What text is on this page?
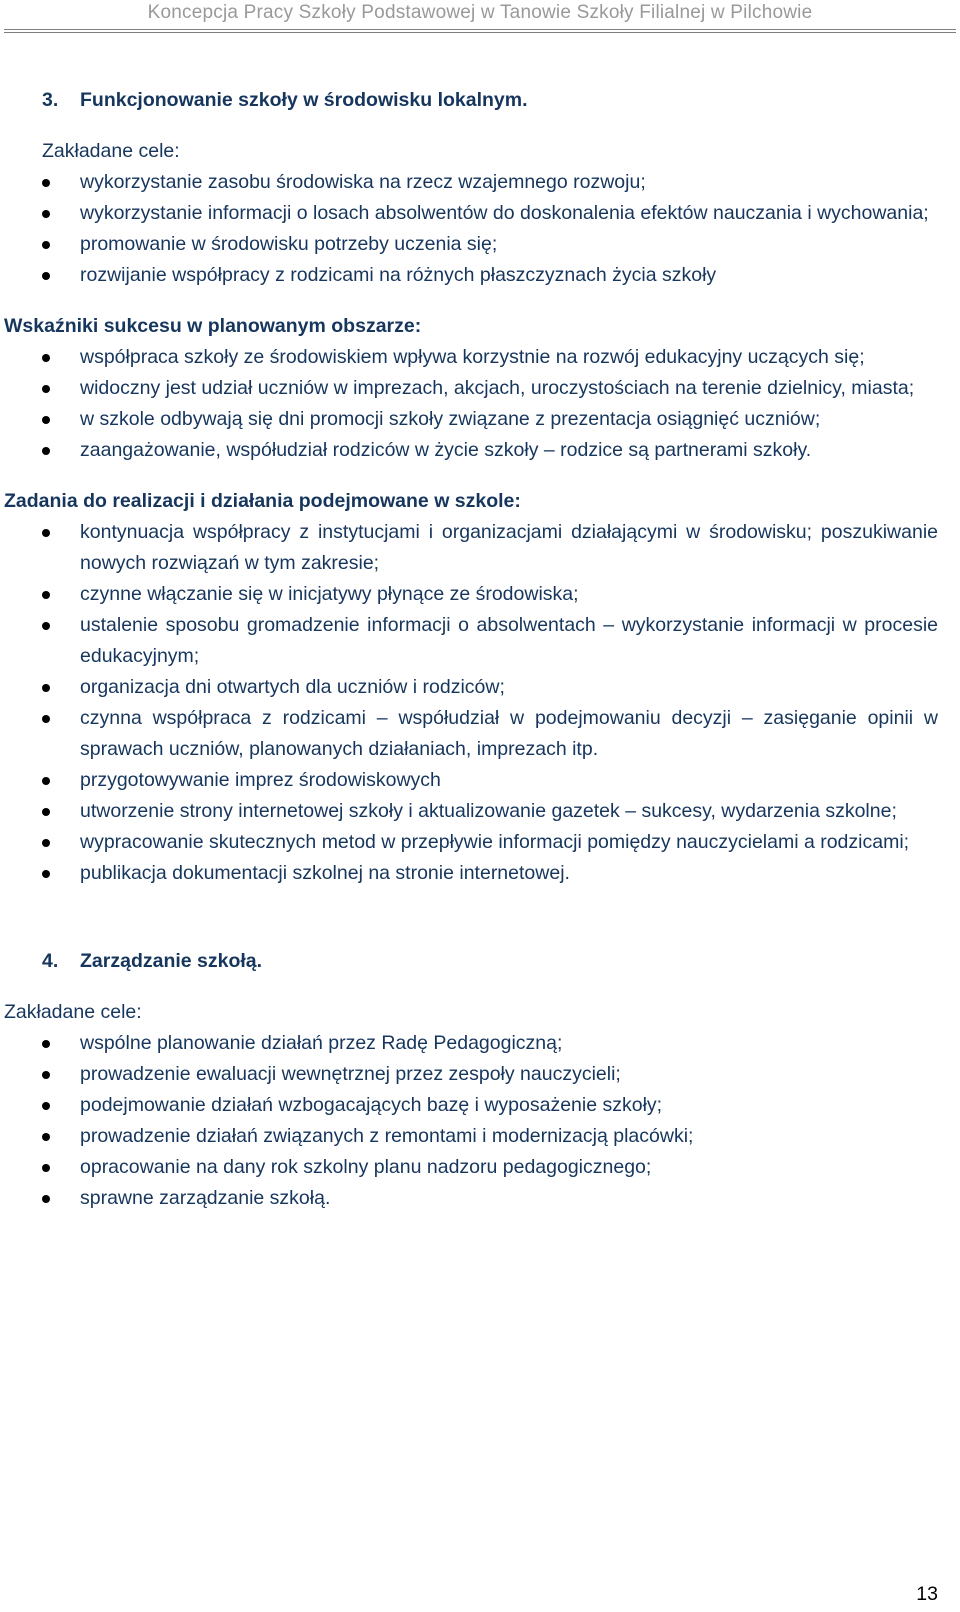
Koncepcja Pracy Szkoły Podstawowej w Tanowie Szkoły Filialnej w Pilchowie
3. Funkcjonowanie szkoły w środowisku lokalnym.

Zakładane cele:

wykorzystanie zasobu środowiska na rzecz wzajemnego rozwoju;
wykorzystanie informacji o losach absolwentów do doskonalenia efektów nauczania i wychowania;
promowanie w środowisku potrzeby uczenia się;
rozwijanie współpracy z rodzicami na różnych płaszczyznach życia szkoły

Wskaźniki sukcesu w planowanym obszarze:

współpraca szkoły ze środowiskiem wpływa korzystnie na rozwój edukacyjny uczących się;
widoczny jest udział uczniów w imprezach, akcjach, uroczystościach na terenie dzielnicy, miasta;
w szkole odbywają się dni promocji szkoły związane z prezentacja osiągnięć uczniów;
zaangażowanie, współudział rodziców w życie szkoły – rodzice są partnerami szkoły.

Zadania do realizacji i działania podejmowane w szkole:

kontynuacja współpracy z instytucjami i organizacjami działającymi w środowisku; poszukiwanie nowych rozwiązań w tym zakresie;
czynne włączanie się w inicjatywy płynące ze środowiska;
ustalenie sposobu gromadzenie informacji o absolwentach – wykorzystanie informacji w procesie edukacyjnym;
organizacja dni otwartych dla uczniów i rodziców;
czynna współpraca z rodzicami – współudział w podejmowaniu decyzji – zasięganie opinii w sprawach uczniów, planowanych działaniach, imprezach itp.
przygotowywanie imprez środowiskowych
utworzenie strony internetowej szkoły i aktualizowanie gazetek – sukcesy, wydarzenia szkolne;
wypracowanie skutecznych metod w przepływie informacji pomiędzy nauczycielami a rodzicami;
publikacja dokumentacji szkolnej na stronie internetowej.
4. Zarządzanie szkołą.

Zakładane cele:

wspólne planowanie działań przez Radę Pedagogiczną;
prowadzenie ewaluacji wewnętrznej przez zespoły nauczycieli;
podejmowanie działań wzbogacających bazę i wyposażenie szkoły;
prowadzenie działań związanych z remontami i modernizacją placówki;
opracowanie na dany rok szkolny planu nadzoru pedagogicznego;
sprawne zarządzanie szkołą.
13
